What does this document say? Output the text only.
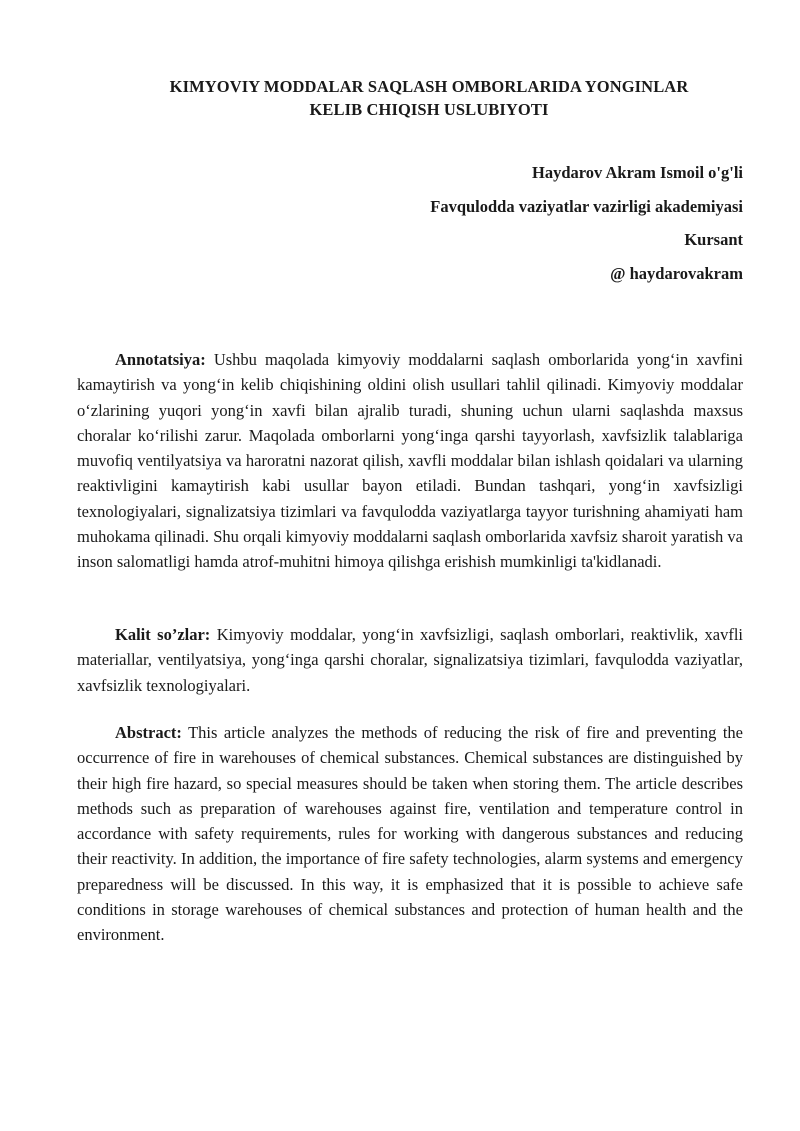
KIMYOVIY MODDALAR SAQLASH OMBORLARIDA YONGINLAR
KELIB CHIQISH USLUBIYOTI
Haydarov Akram Ismoil o'g'li
Favqulodda vaziyatlar vazirligi akademiyasi
Kursant
@ haydarovakram

Annotatsiya: Ushbu maqolada kimyoviy moddalarni saqlash omborlarida yong‘in xavfini kamaytirish va yong‘in kelib chiqishining oldini olish usullari tahlil qilinadi. Kimyoviy moddalar o‘zlarining yuqori yong‘in xavfi bilan ajralib turadi, shuning uchun ularni saqlashda maxsus choralar ko‘rilishi zarur. Maqolada omborlarni yong‘inga qarshi tayyorlash, xavfsizlik talablariga muvofiq ventilyatsiya va haroratni nazorat qilish, xavfli moddalar bilan ishlash qoidalari va ularning reaktivligini kamaytirish kabi usullar bayon etiladi. Bundan tashqari, yong‘in xavfsizligi texnologiyalari, signalizatsiya tizimlari va favqulodda vaziyatlarga tayyor turishning ahamiyati ham muhokama qilinadi. Shu orqali kimyoviy moddalarni saqlash omborlarida xavfsiz sharoit yaratish va inson salomatligi hamda atrof-muhitni himoya qilishga erishish mumkinligi ta'kidlanadi.

Kalit so’zlar: Kimyoviy moddalar, yong‘in xavfsizligi, saqlash omborlari, reaktivlik, xavfli materiallar, ventilyatsiya, yong‘inga qarshi choralar, signalizatsiya tizimlari, favqulodda vaziyatlar, xavfsizlik texnologiyalari.

Abstract: This article analyzes the methods of reducing the risk of fire and preventing the occurrence of fire in warehouses of chemical substances. Chemical substances are distinguished by their high fire hazard, so special measures should be taken when storing them. The article describes methods such as preparation of warehouses against fire, ventilation and temperature control in accordance with safety requirements, rules for working with dangerous substances and reducing their reactivity. In addition, the importance of fire safety technologies, alarm systems and emergency preparedness will be discussed. In this way, it is emphasized that it is possible to achieve safe conditions in storage warehouses of chemical substances and protection of human health and the environment.
